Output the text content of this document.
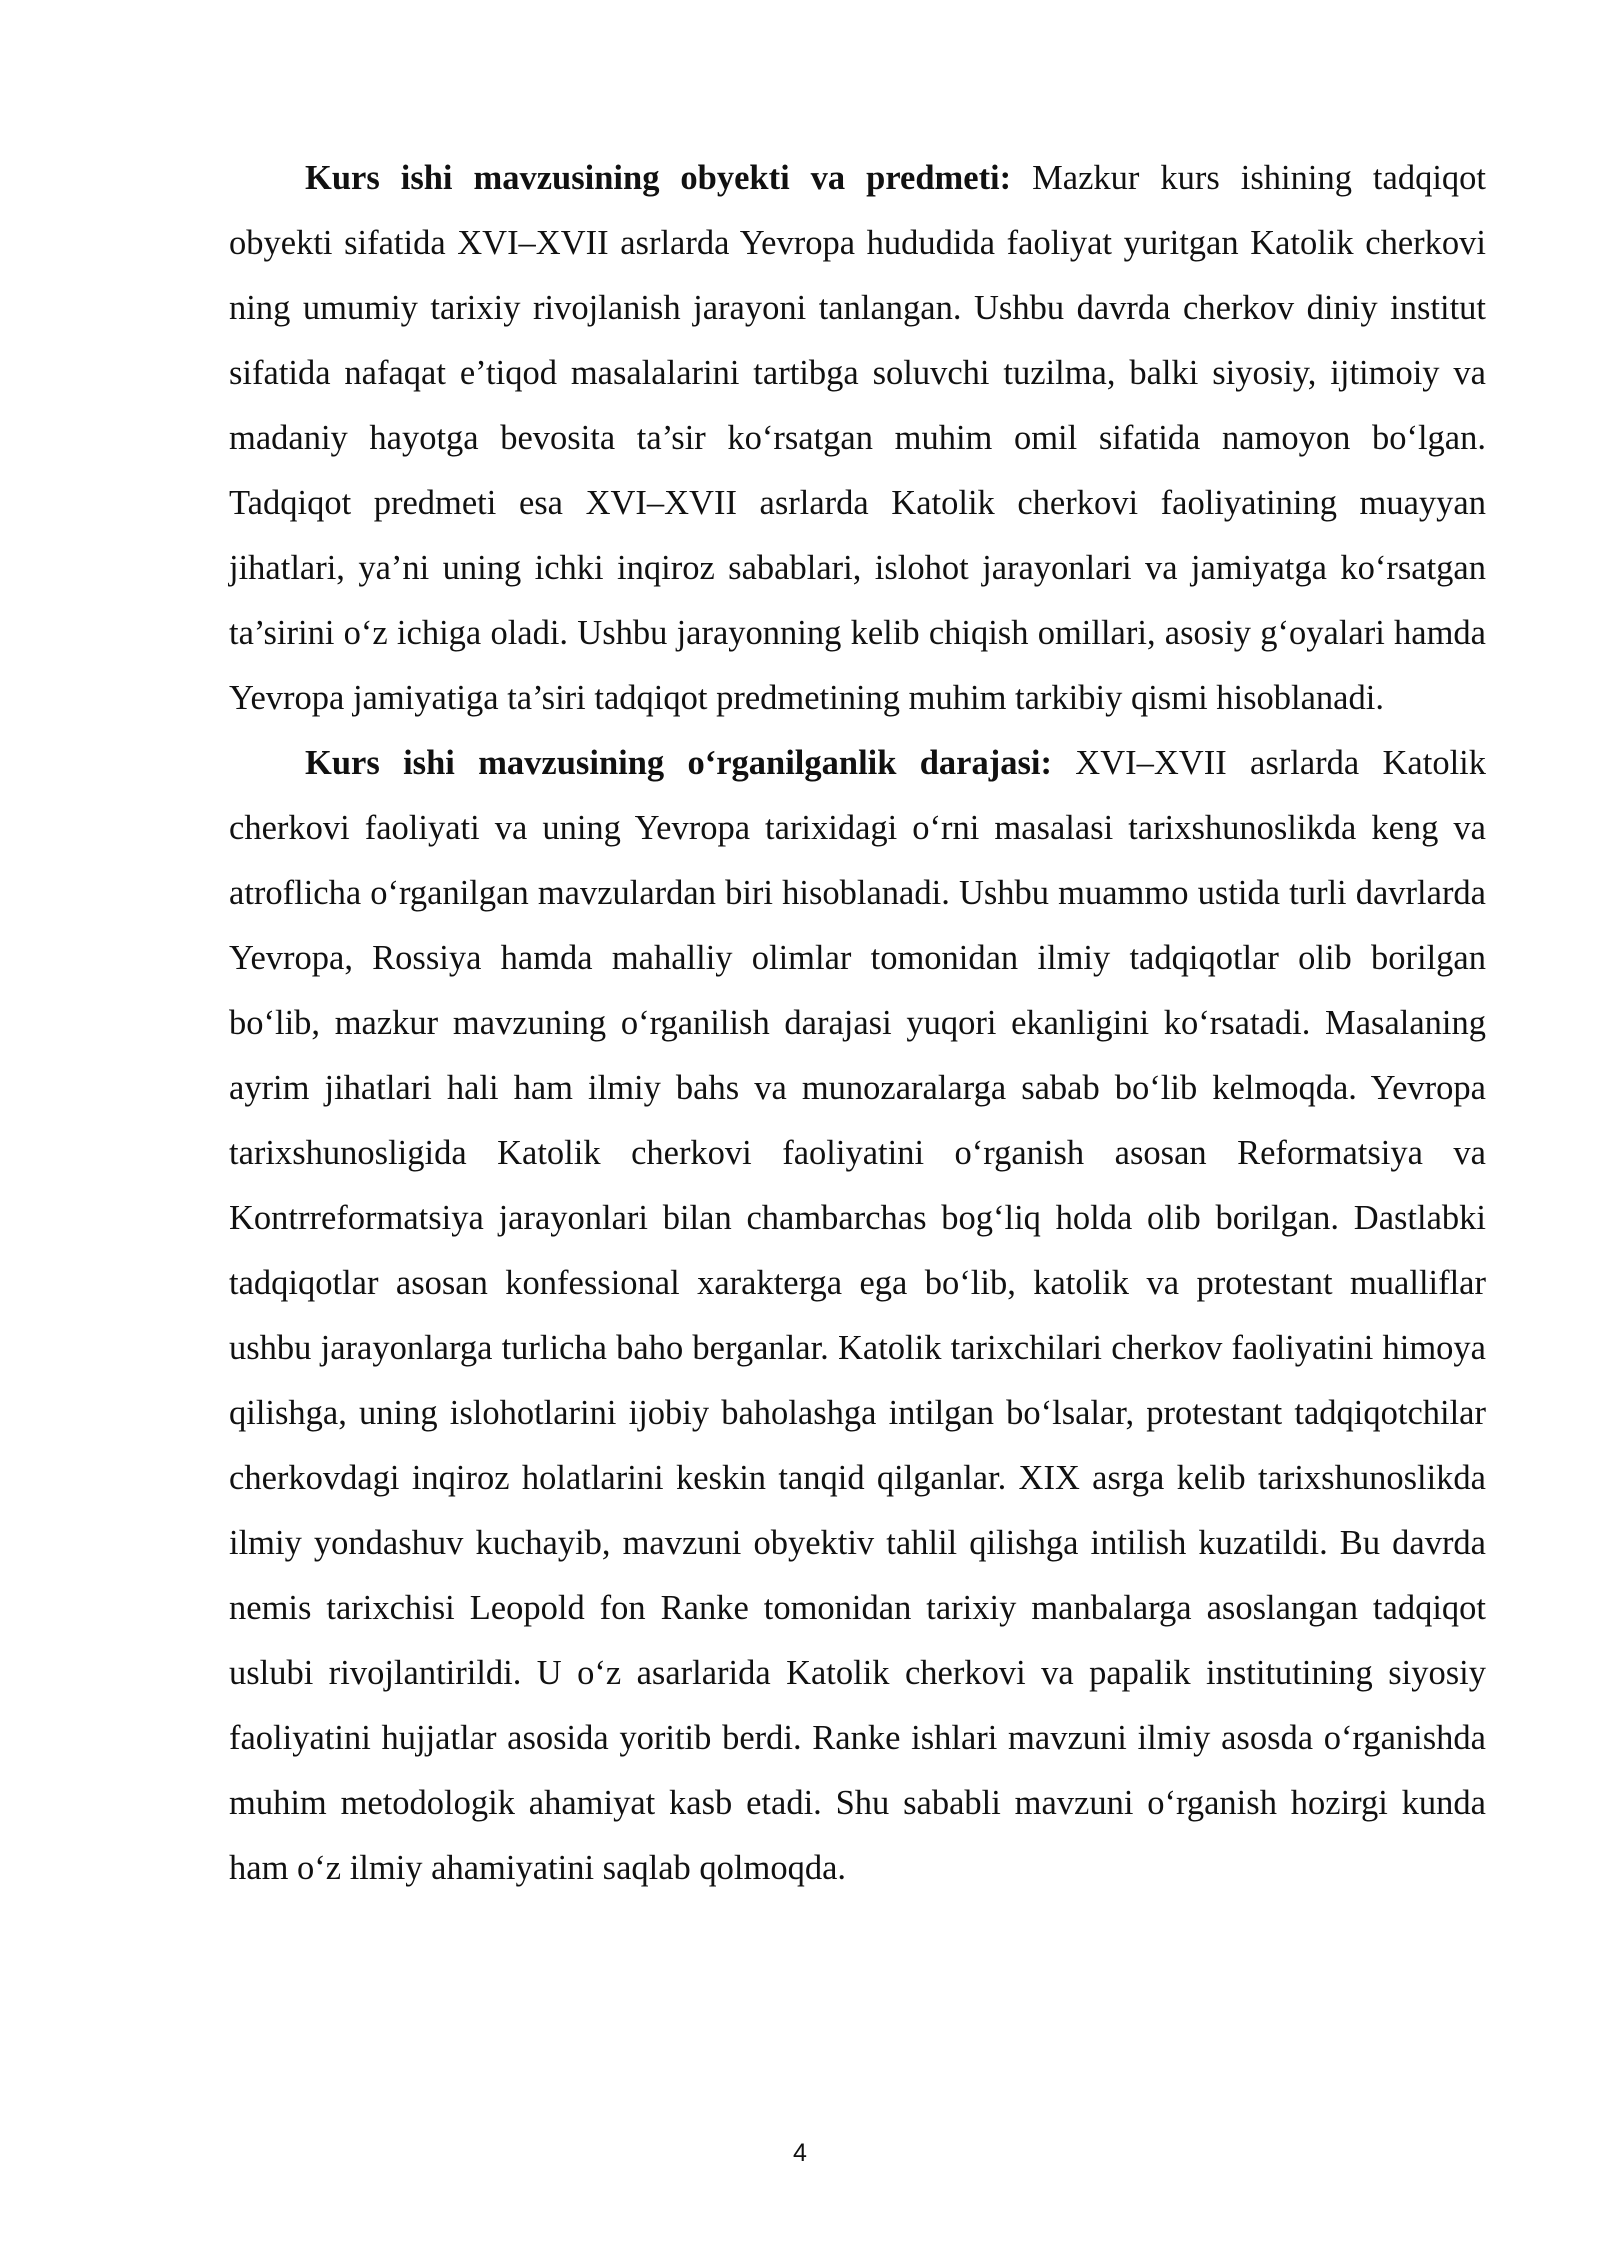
Kurs ishi mavzusining obyekti va predmeti: Mazkur kurs ishining tadqiqot obyekti sifatida XVI–XVII asrlarda Yevropa hududida faoliyat yuritgan Katolik cherkovi ning umumiy tarixiy rivojlanish jarayoni tanlangan. Ushbu davrda cherkov diniy institut sifatida nafaqat e’tiqod masalalarini tartibga soluvchi tuzilma, balki siyosiy, ijtimoiy va madaniy hayotga bevosita ta’sir ko‘rsatgan muhim omil sifatida namoyon bo‘lgan. Tadqiqot predmeti esa XVI–XVII asrlarda Katolik cherkovi faoliyatining muayyan jihatlari, ya’ni uning ichki inqiroz sabablari, islohot jarayonlari va jamiyatga ko‘rsatgan ta’sirini o‘z ichiga oladi. Ushbu jarayonning kelib chiqish omillari, asosiy g‘oyalari hamda Yevropa jamiyatiga ta’siri tadqiqot predmetining muhim tarkibiy qismi hisoblanadi.

Kurs ishi mavzusining o‘rganilganlik darajasi: XVI–XVII asrlarda Katolik cherkovi faoliyati va uning Yevropa tarixidagi o‘rni masalasi tarixshunoslikda keng va atroflicha o‘rganilgan mavzulardan biri hisoblanadi. Ushbu muammo ustida turli davrlarda Yevropa, Rossiya hamda mahalliy olimlar tomonidan ilmiy tadqiqotlar olib borilgan bo‘lib, mazkur mavzuning o‘rganilish darajasi yuqori ekanligini ko‘rsatadi. Masalaning ayrim jihatlari hali ham ilmiy bahs va munozaralarga sabab bo‘lib kelmoqda. Yevropa tarixshunosligida Katolik cherkovi faoliyatini o‘rganish asosan Reformatsiya va Kontrreformatsiya jarayonlari bilan chambarchas bog‘liq holda olib borilgan. Dastlabki tadqiqotlar asosan konfessional xarakterga ega bo‘lib, katolik va protestant mualliflar ushbu jarayonlarga turlicha baho berganlar. Katolik tarixchilari cherkov faoliyatini himoya qilishga, uning islohotlarini ijobiy baholashga intilgan bo‘lsalar, protestant tadqiqotchilar cherkovdagi inqiroz holatlarini keskin tanqid qilganlar. XIX asrga kelib tarixshunoslikda ilmiy yondashuv kuchayib, mavzuni obyektiv tahlil qilishga intilish kuzatildi. Bu davrda nemis tarixchisi Leopold fon Ranke tomonidan tarixiy manbalarga asoslangan tadqiqot uslubi rivojlantirildi. U o‘z asarlarida Katolik cherkovi va papalik institutining siyosiy faoliyatini hujjatlar asosida yoritib berdi. Ranke ishlari mavzuni ilmiy asosda o‘rganishda muhim metodologik ahamiyat kasb etadi. Shu sababli mavzuni o‘rganish hozirgi kunda ham o‘z ilmiy ahamiyatini saqlab qolmoqda.

4
